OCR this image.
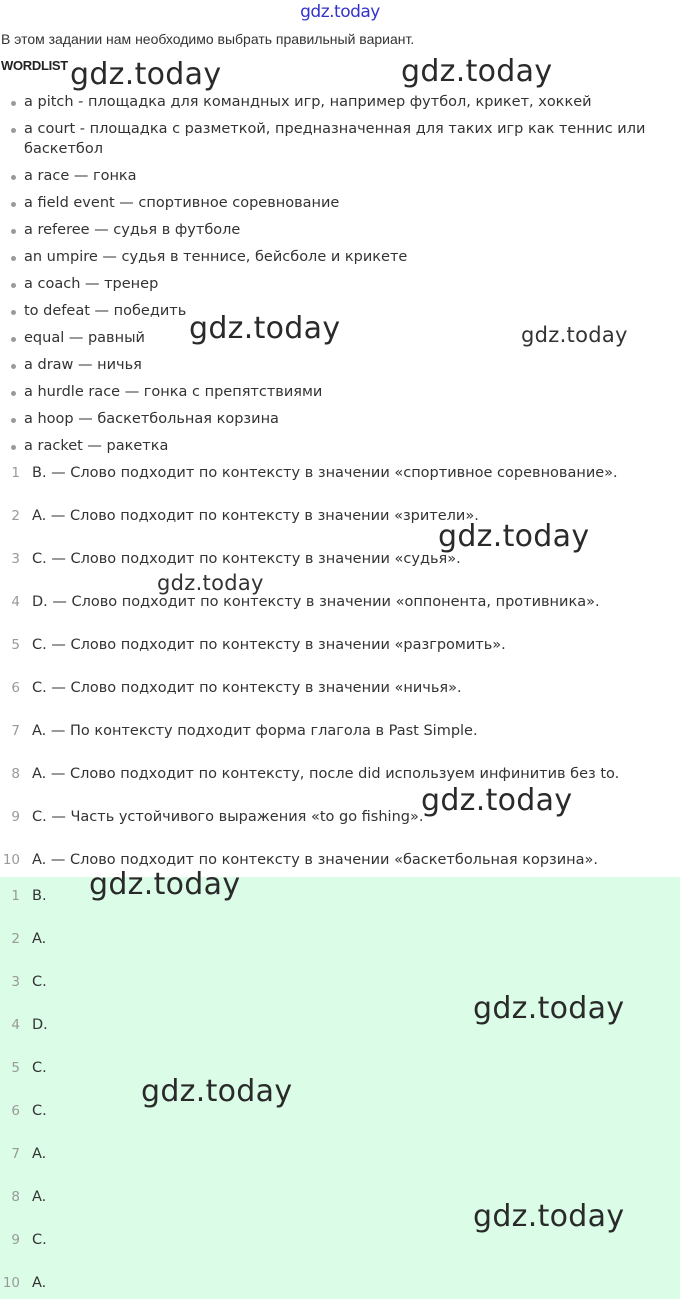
gdz.today
В этом задании нам необходимо выбрать правильный вариант.
WORDLIST
a pitch - площадка для командных игр, например футбол, крикет, хоккей
a court - площадка с разметкой, предназначенная для таких игр как теннис или баскетбол
a race — гонка
a field event — спортивное соревнование
a referee — судья в футболе
an umpire — судья в теннисе, бейсболе и крикете
a coach — тренер
to defeat — победить
equal — равный
a draw — ничья
a hurdle race — гонка с препятствиями
a hoop — баскетбольная корзина
a racket — ракетка
1 B. — Слово подходит по контексту в значении «спортивное соревнование».
2 A. — Слово подходит по контексту в значении «зрители».
3 C. — Слово подходит по контексту в значении «судья».
4 D. — Слово подходит по контексту в значении «оппонента, противника».
5 C. — Слово подходит по контексту в значении «разгромить».
6 C. — Слово подходит по контексту в значении «ничья».
7 A. — По контексту подходит форма глагола в Past Simple.
8 A. — Слово подходит по контексту, после did используем инфинитив без to.
9 C. — Часть устойчивого выражения «to go fishing».
10 A. — Слово подходит по контексту в значении «баскетбольная корзина».
1 B.
2 A.
3 C.
4 D.
5 C.
6 C.
7 A.
8 A.
9 C.
10 A.
gdz.today	gdz.today
gdz.today	gdz.today
gdz.today
gdz.today
gdz.today
gdz.today
gdz.today
gdz.today
gdz.today
